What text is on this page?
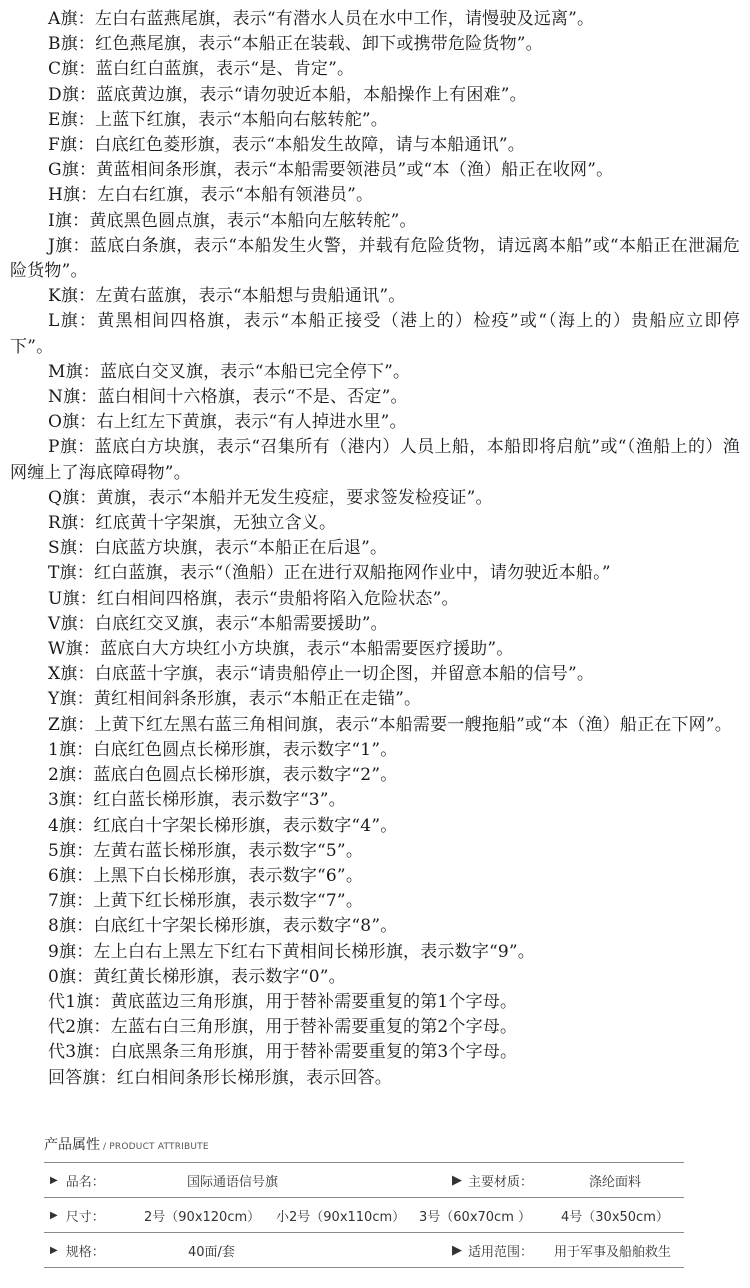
A旗：左白右蓝燕尾旗，表示“有潜水人员在水中工作，请慢驶及远离”。

B旗：红色燕尾旗，表示“本船正在装载、卸下或携带危险货物”。

C旗：蓝白红白蓝旗，表示“是、肯定”。

D旗：蓝底黄边旗，表示“请勿驶近本船，本船操作上有困难”。

E旗：上蓝下红旗，表示“本船向右舷转舵”。

F旗：白底红色菱形旗，表示“本船发生故障，请与本船通讯”。

G旗：黄蓝相间条形旗，表示“本船需要领港员”或“本（渔）船正在收网”。

H旗：左白右红旗，表示“本船有领港员”。

I旗：黄底黑色圆点旗，表示“本船向左舷转舵”。

J旗：蓝底白条旗，表示“本船发生火警，并载有危险货物，请远离本船”或“本船正在泄漏危险货物”。

K旗：左黄右蓝旗，表示“本船想与贵船通讯”。

L旗：黄黑相间四格旗，表示“本船正接受（港上的）检疫”或“（海上的）贵船应立即停下”。

M旗：蓝底白交叉旗，表示“本船已完全停下”。

N旗：蓝白相间十六格旗，表示“不是、否定”。

O旗：右上红左下黄旗，表示“有人掉进水里”。

P旗：蓝底白方块旗，表示“召集所有（港内）人员上船，本船即将启航”或“（渔船上的）渔网缠上了海底障碍物”。

Q旗：黄旗，表示“本船并无发生疫症，要求签发检疫证”。

R旗：红底黄十字架旗，无独立含义。

S旗：白底蓝方块旗，表示“本船正在后退”。

T旗：红白蓝旗，表示“（渔船）正在进行双船拖网作业中，请勿驶近本船。”

U旗：红白相间四格旗，表示“贵船将陷入危险状态”。

V旗：白底红交叉旗，表示“本船需要援助”。

W旗：蓝底白大方块红小方块旗，表示“本船需要医疗援助”。

X旗：白底蓝十字旗，表示“请贵船停止一切企图，并留意本船的信号”。

Y旗：黄红相间斜条形旗，表示“本船正在走锚”。

Z旗：上黄下红左黑右蓝三角相间旗，表示“本船需要一艘拖船”或“本（渔）船正在下网”。

1旗：白底红色圆点长梯形旗，表示数字“1”。

2旗：蓝底白色圆点长梯形旗，表示数字“2”。

3旗：红白蓝长梯形旗，表示数字“3”。

4旗：红底白十字架长梯形旗，表示数字“4”。

5旗：左黄右蓝长梯形旗，表示数字“5”。

6旗：上黑下白长梯形旗，表示数字“6”。

7旗：上黄下红长梯形旗，表示数字“7”。

8旗：白底红十字架长梯形旗，表示数字“8”。

9旗：左上白右上黑左下红右下黄相间长梯形旗，表示数字“9”。

0旗：黄红黄长梯形旗，表示数字“0”。

代1旗：黄底蓝边三角形旗，用于替补需要重复的第1个字母。

代2旗：左蓝右白三角形旗，用于替补需要重复的第2个字母。

代3旗：白底黑条三角形旗，用于替补需要重复的第3个字母。

回答旗：红白相间条形长梯形旗，表示回答。

产品属性 / PRODUCT ATTRIBUTE
▶ 品名：	国际通语信号旗	▶ 主要材质：	涤纶面料
▶ 尺寸：	2号（90x120cm） 小2号（90x110cm） 3号（60x70cm ） 4号（30x50cm）
▶ 规格：	40面/套	▶ 适用范围： 用于军事及船舶救生
